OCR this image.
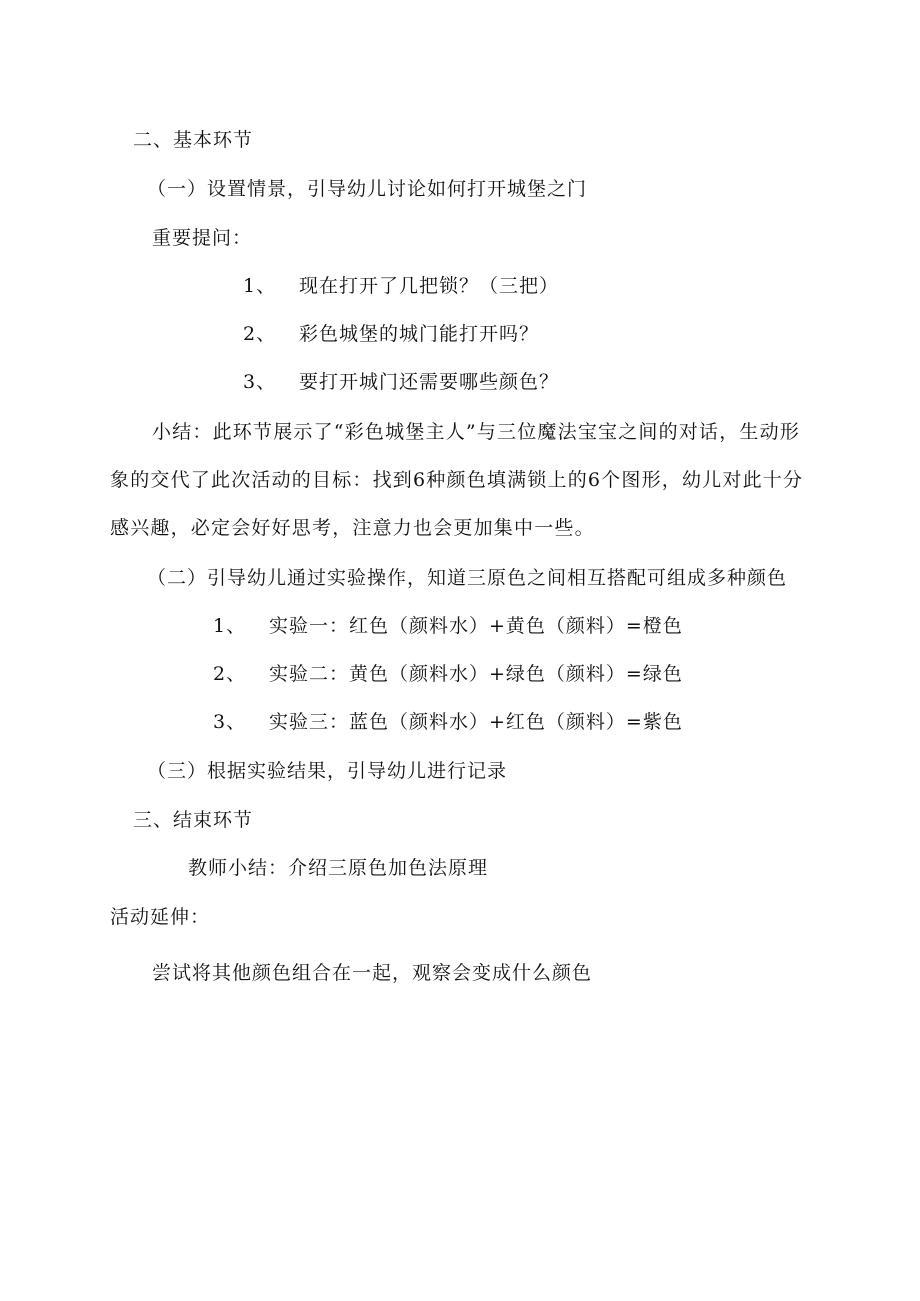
二、基本环节
（一）设置情景，引导幼儿讨论如何打开城堡之门
重要提问：
1、 现在打开了几把锁？（三把）
2、 彩色城堡的城门能打开吗？
3、 要打开城门还需要哪些颜色？
小结：此环节展示了“彩色城堡主人”与三位魔法宝宝之间的对话，生动形象的交代了此次活动的目标：找到6种颜色填满锁上的6个图形，幼儿对此十分感兴趣，必定会好好思考，注意力也会更加集中一些。
（二）引导幼儿通过实验操作，知道三原色之间相互搭配可组成多种颜色
1、 实验一：红色（颜料水）+黄色（颜料）=橙色
2、 实验二：黄色（颜料水）+绿色（颜料）=绿色
3、 实验三：蓝色（颜料水）+红色（颜料）=紫色
（三）根据实验结果，引导幼儿进行记录
三、结束环节
教师小结：介绍三原色加色法原理
活动延伸：
尝试将其他颜色组合在一起，观察会变成什么颜色
